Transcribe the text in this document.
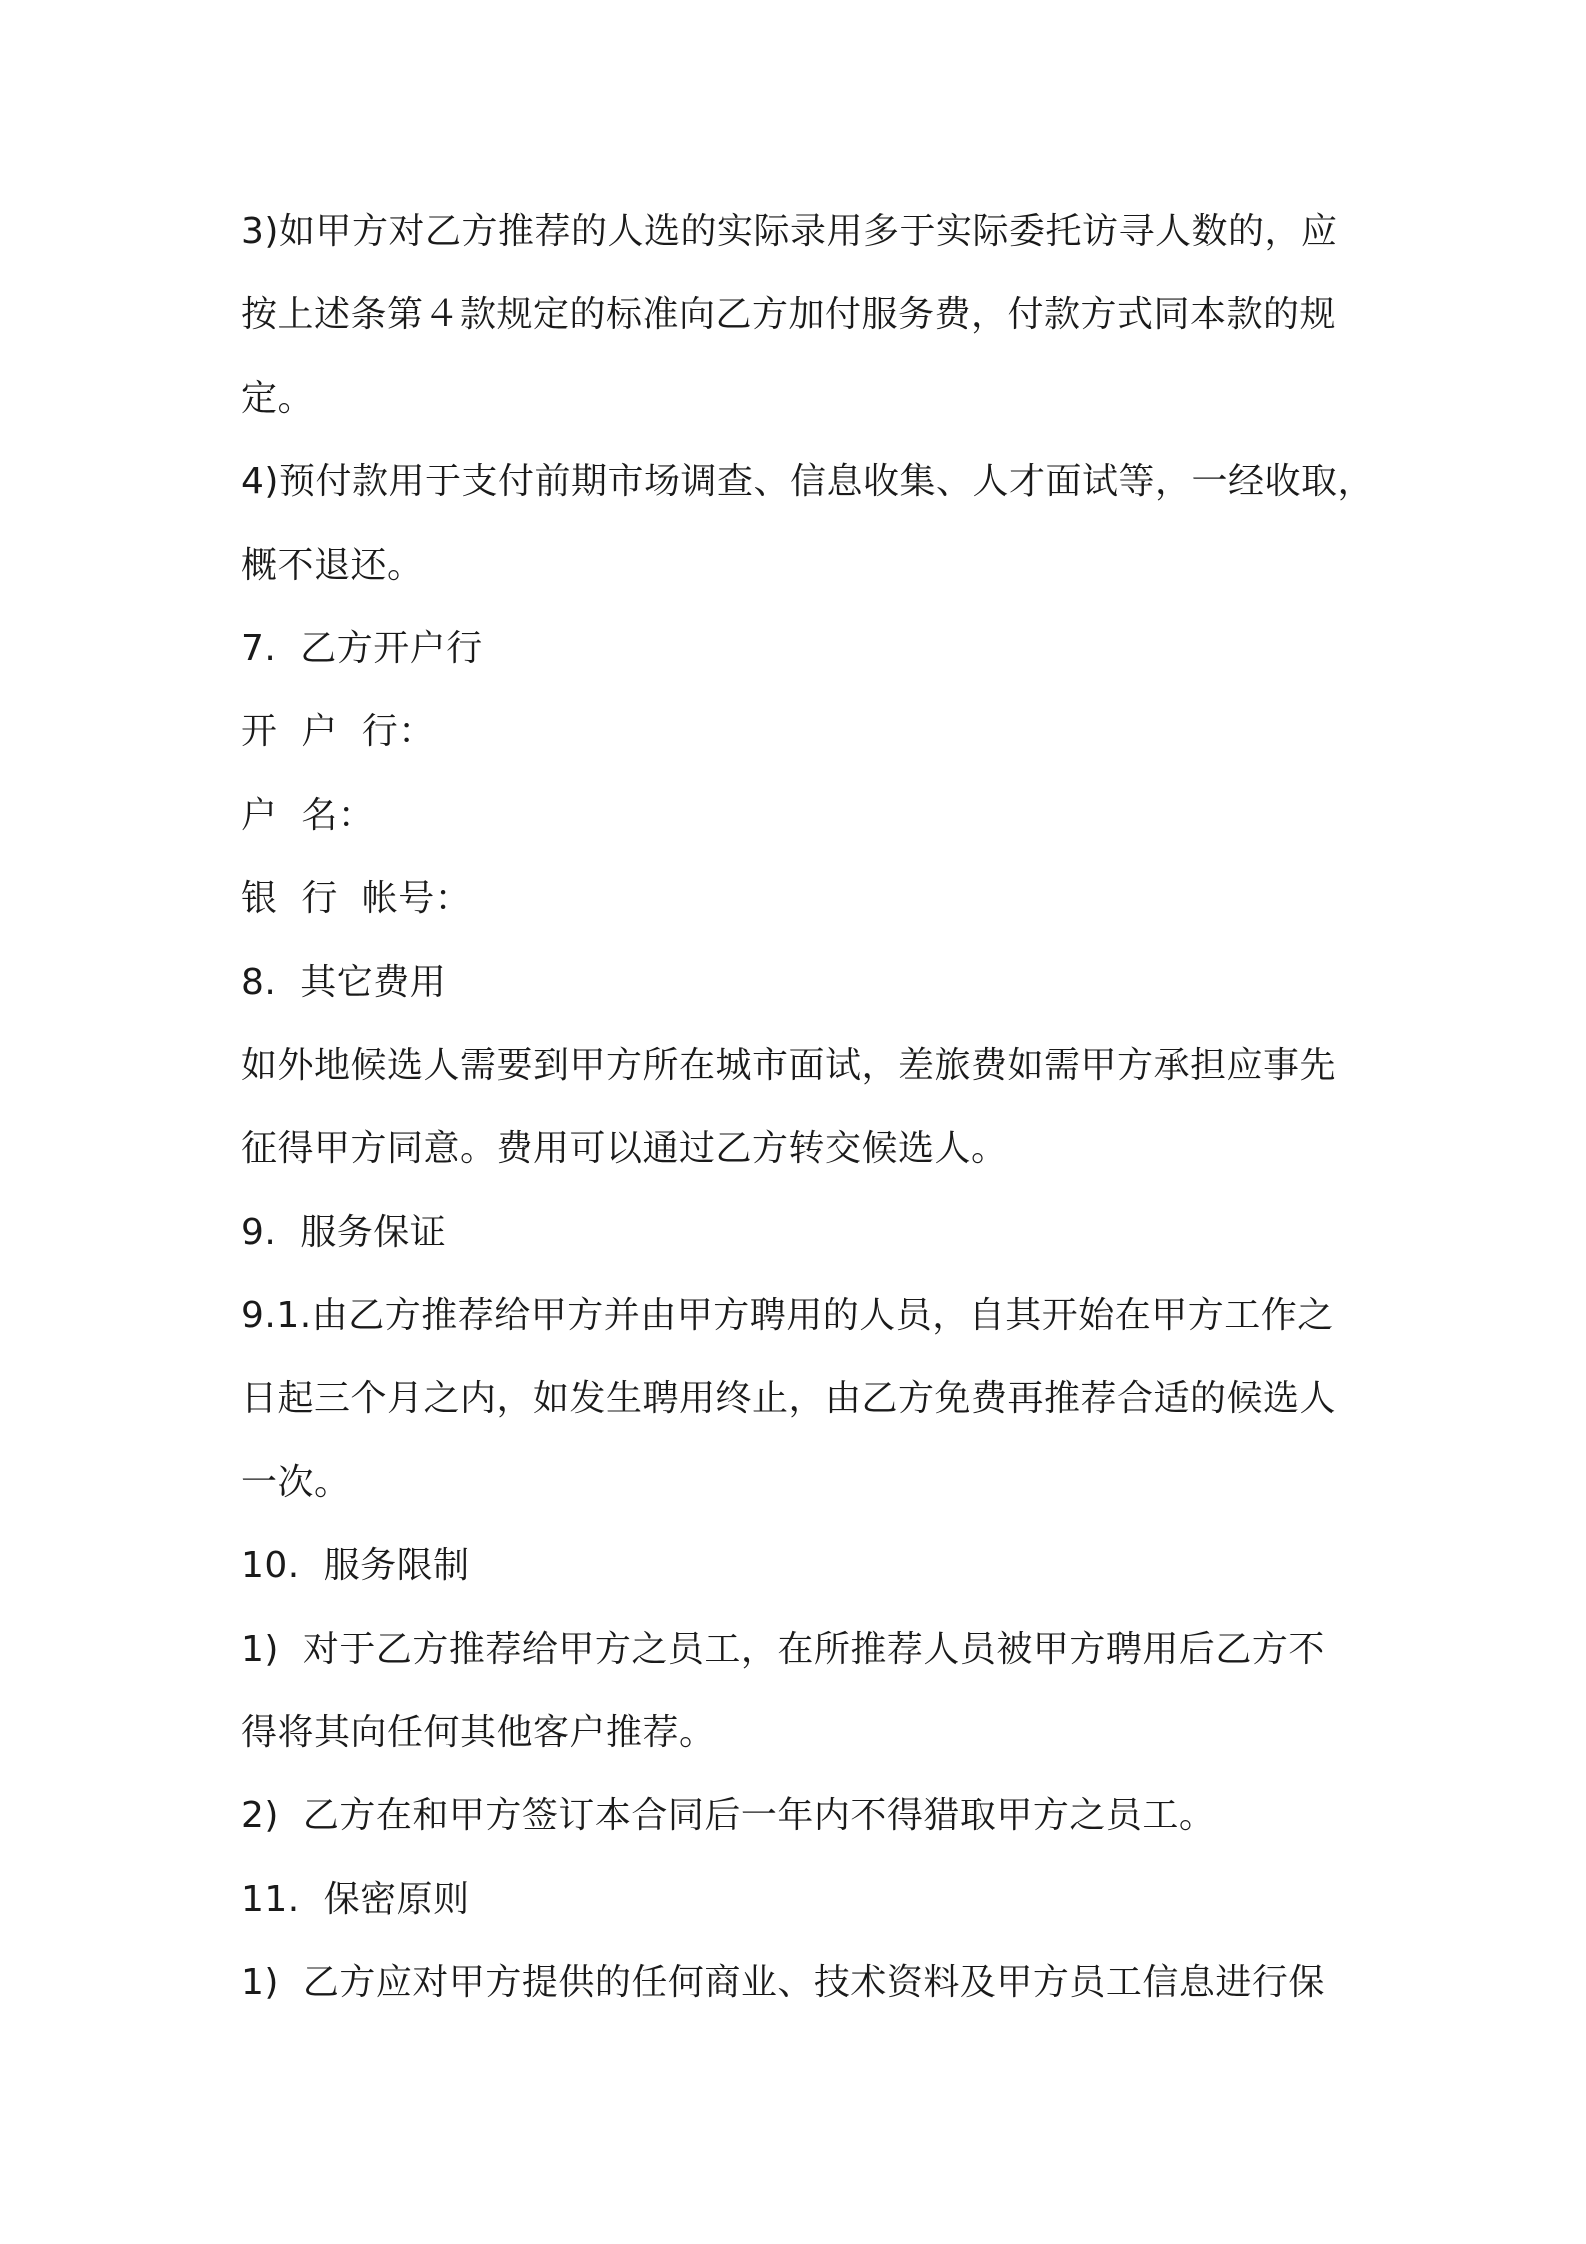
3)如甲方对乙方推荐的人选的实际录用多于实际委托访寻人数的，应
按上述条第４款规定的标准向乙方加付服务费，付款方式同本款的规
定。
4)预付款用于支付前期市场调查、信息收集、人才面试等，一经收取，
概不退还。
7.  乙方开户行
开  户  行：
户  名：
银  行  帐号：
8.  其它费用
如外地候选人需要到甲方所在城市面试，差旅费如需甲方承担应事先
征得甲方同意。费用可以通过乙方转交候选人。
9.  服务保证
9.1.由乙方推荐给甲方并由甲方聘用的人员，自其开始在甲方工作之
日起三个月之内，如发生聘用终止，由乙方免费再推荐合适的候选人
一次。
10.  服务限制
1)  对于乙方推荐给甲方之员工，在所推荐人员被甲方聘用后乙方不
得将其向任何其他客户推荐。
2)  乙方在和甲方签订本合同后一年内不得猎取甲方之员工。
11.  保密原则
1)  乙方应对甲方提供的任何商业、技术资料及甲方员工信息进行保
